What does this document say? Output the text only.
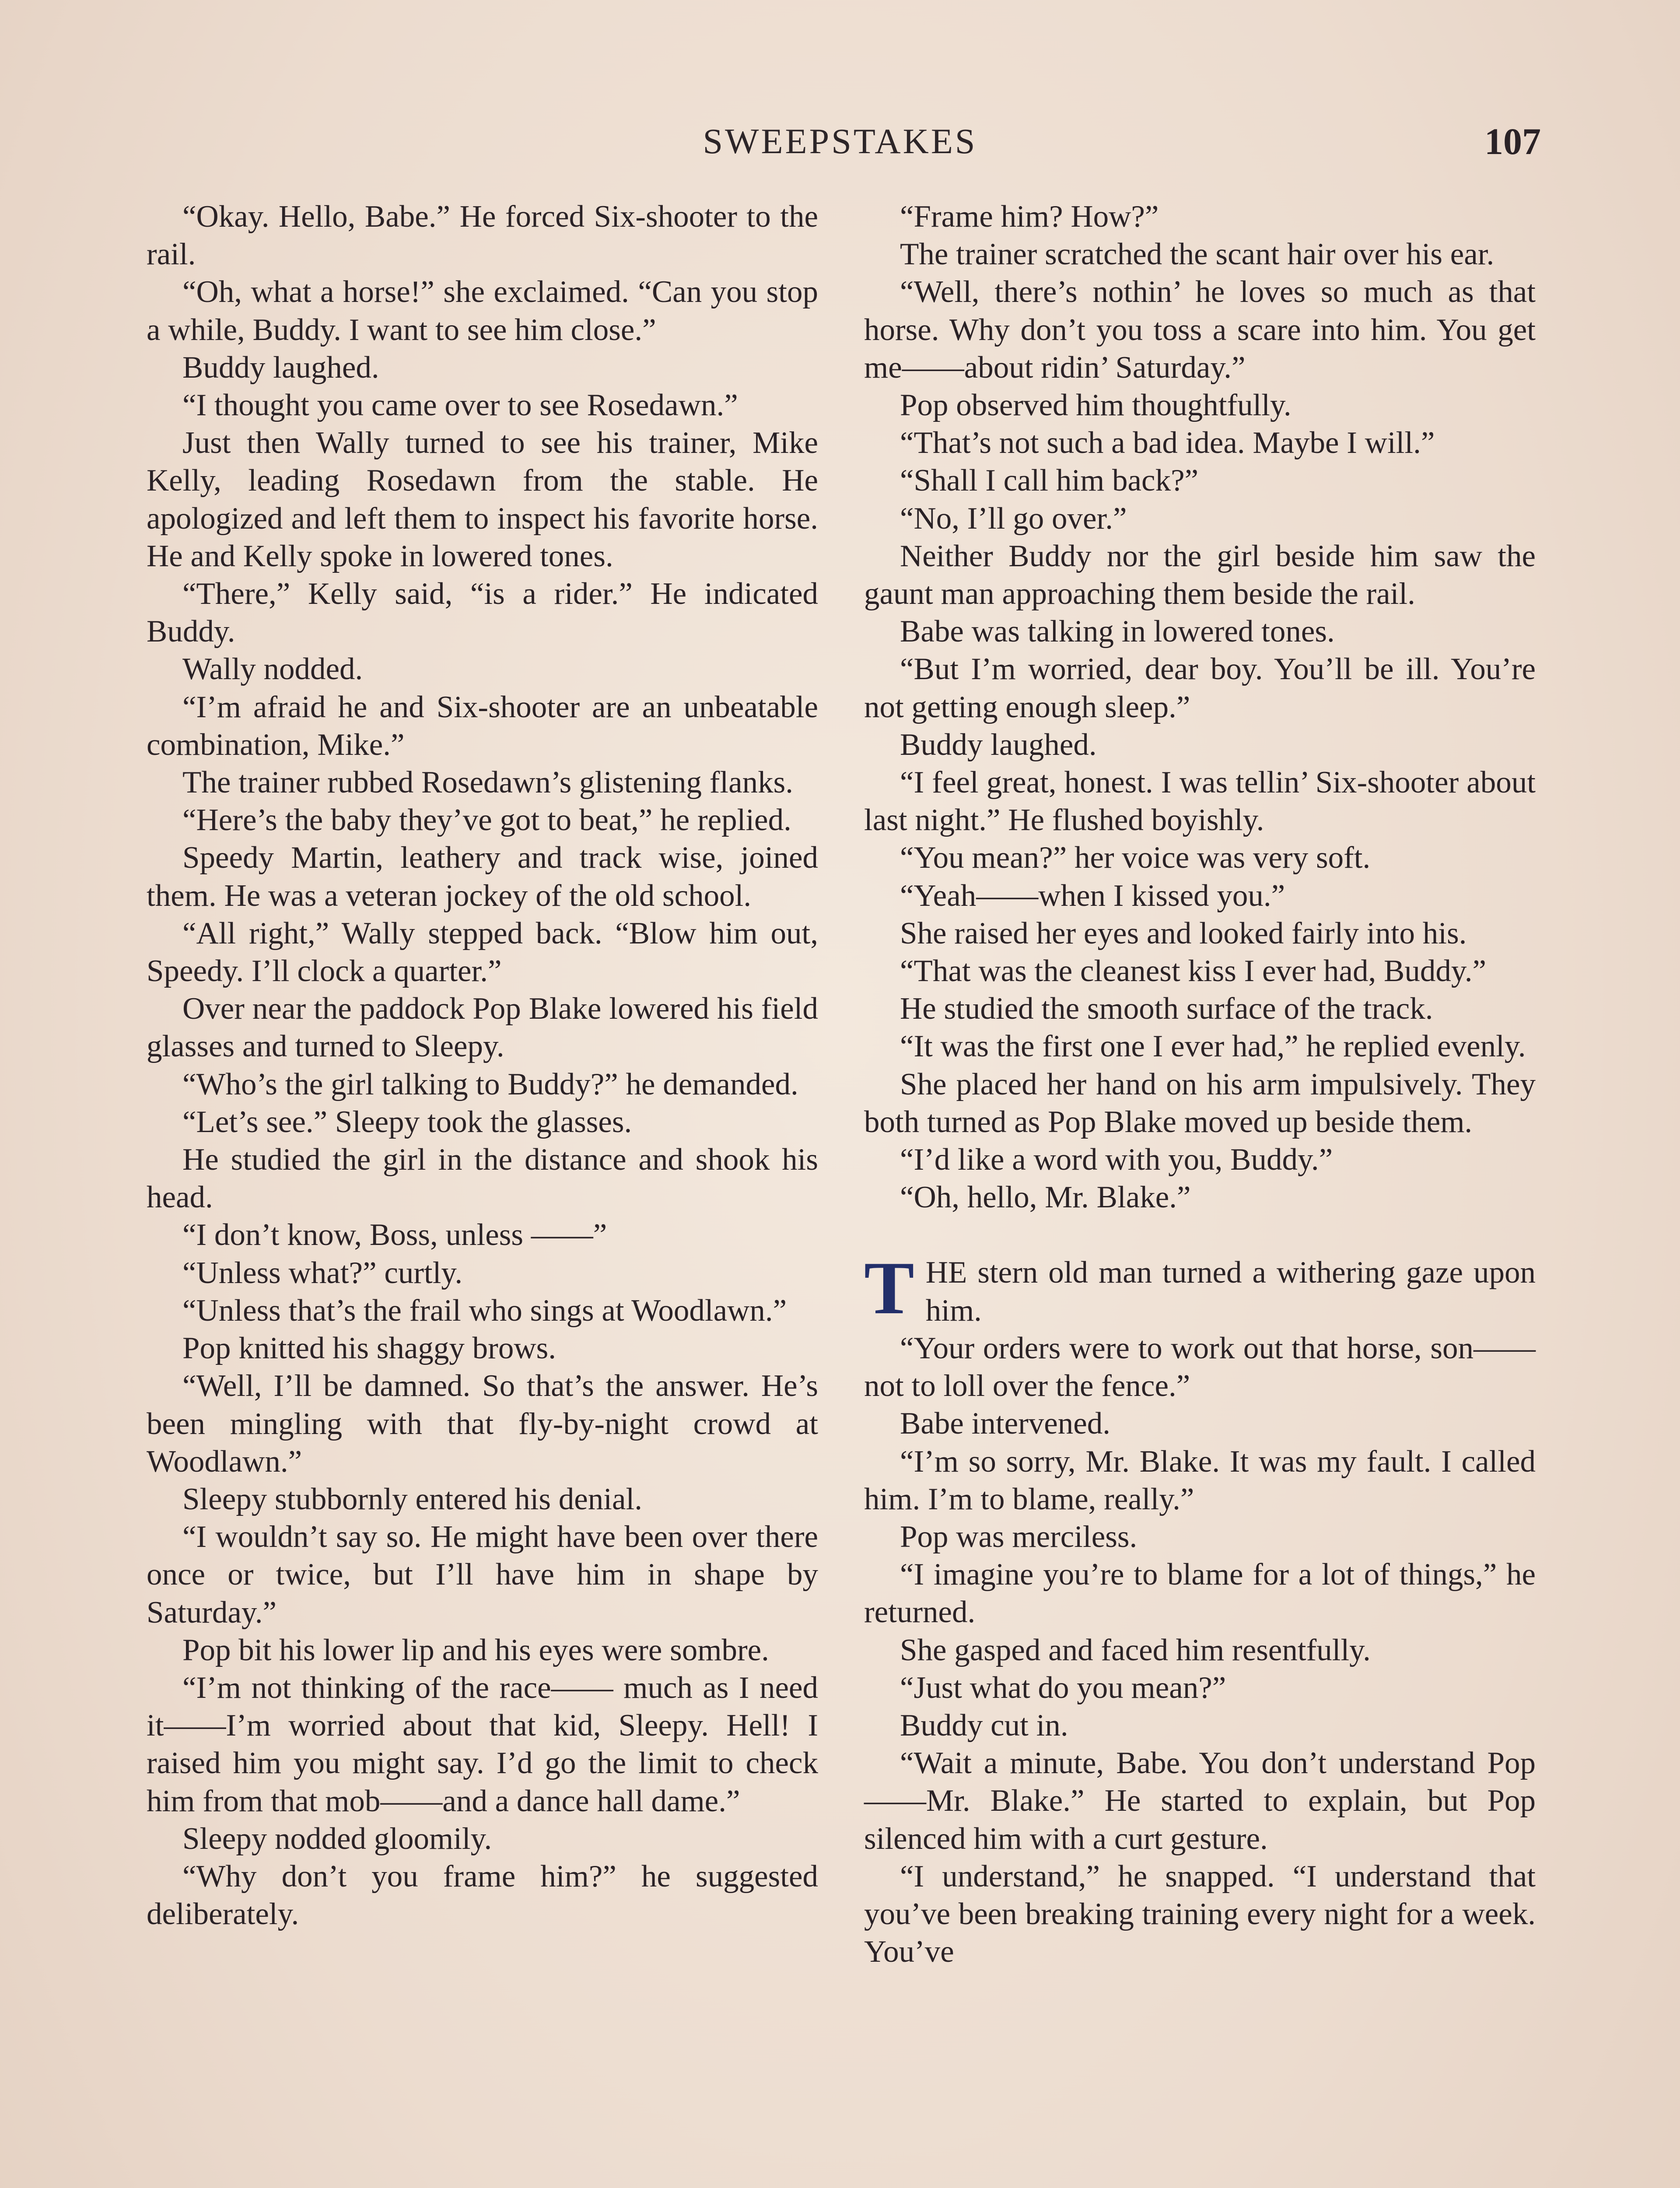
SWEEPSTAKES	107

“Okay. Hello, Babe.” He forced Six-shooter to the rail.

“Oh, what a horse!” she exclaimed. “Can you stop a while, Buddy. I want to see him close.”

Buddy laughed.

“I thought you came over to see Rosedawn.”

Just then Wally turned to see his trainer, Mike Kelly, leading Rosedawn from the stable. He apologized and left them to inspect his favorite horse. He and Kelly spoke in lowered tones.

“There,” Kelly said, “is a rider.” He indicated Buddy.

Wally nodded.

“I’m afraid he and Six-shooter are an unbeatable combination, Mike.”

The trainer rubbed Rosedawn’s glistening flanks.

“Here’s the baby they’ve got to beat,” he replied.

Speedy Martin, leathery and track wise, joined them. He was a veteran jockey of the old school.

“All right,” Wally stepped back. “Blow him out, Speedy. I’ll clock a quarter.”

Over near the paddock Pop Blake lowered his field glasses and turned to Sleepy.

“Who’s the girl talking to Buddy?” he demanded.

“Let’s see.” Sleepy took the glasses.

He studied the girl in the distance and shook his head.

“I don’t know, Boss, unless ——”

“Unless what?” curtly.

“Unless that’s the frail who sings at Woodlawn.”

Pop knitted his shaggy brows.

“Well, I’ll be damned. So that’s the answer. He’s been mingling with that fly-by-night crowd at Woodlawn.”

Sleepy stubbornly entered his denial.

“I wouldn’t say so. He might have been over there once or twice, but I’ll have him in shape by Saturday.”

Pop bit his lower lip and his eyes were sombre.

“I’m not thinking of the race—— much as I need it——I’m worried about that kid, Sleepy. Hell! I raised him you might say. I’d go the limit to check him from that mob——and a dance hall dame.”

Sleepy nodded gloomily.

“Why don’t you frame him?” he suggested deliberately.

“Frame him? How?”

The trainer scratched the scant hair over his ear.

“Well, there’s nothin’ he loves so much as that horse. Why don’t you toss a scare into him. You get me——about ridin’ Saturday.”

Pop observed him thoughtfully.

“That’s not such a bad idea. Maybe I will.”

“Shall I call him back?”

“No, I’ll go over.”

Neither Buddy nor the girl beside him saw the gaunt man approaching them beside the rail.

Babe was talking in lowered tones.

“But I’m worried, dear boy. You’ll be ill. You’re not getting enough sleep.”

Buddy laughed.

“I feel great, honest. I was tellin’ Six-shooter about last night.” He flushed boyishly.

“You mean?” her voice was very soft.

“Yeah——when I kissed you.”

She raised her eyes and looked fairly into his.

“That was the cleanest kiss I ever had, Buddy.”

He studied the smooth surface of the track.

“It was the first one I ever had,” he replied evenly.

She placed her hand on his arm impulsively. They both turned as Pop Blake moved up beside them.

“I’d like a word with you, Buddy.”

“Oh, hello, Mr. Blake.”

THE stern old man turned a withering gaze upon him.

“Your orders were to work out that horse, son——not to loll over the fence.”

Babe intervened.

“I’m so sorry, Mr. Blake. It was my fault. I called him. I’m to blame, really.”

Pop was merciless.

“I imagine you’re to blame for a lot of things,” he returned.

She gasped and faced him resentfully.

“Just what do you mean?”

Buddy cut in.

“Wait a minute, Babe. You don’t understand Pop——Mr. Blake.” He started to explain, but Pop silenced him with a curt gesture.

“I understand,” he snapped. “I understand that you’ve been breaking training every night for a week. You’ve
